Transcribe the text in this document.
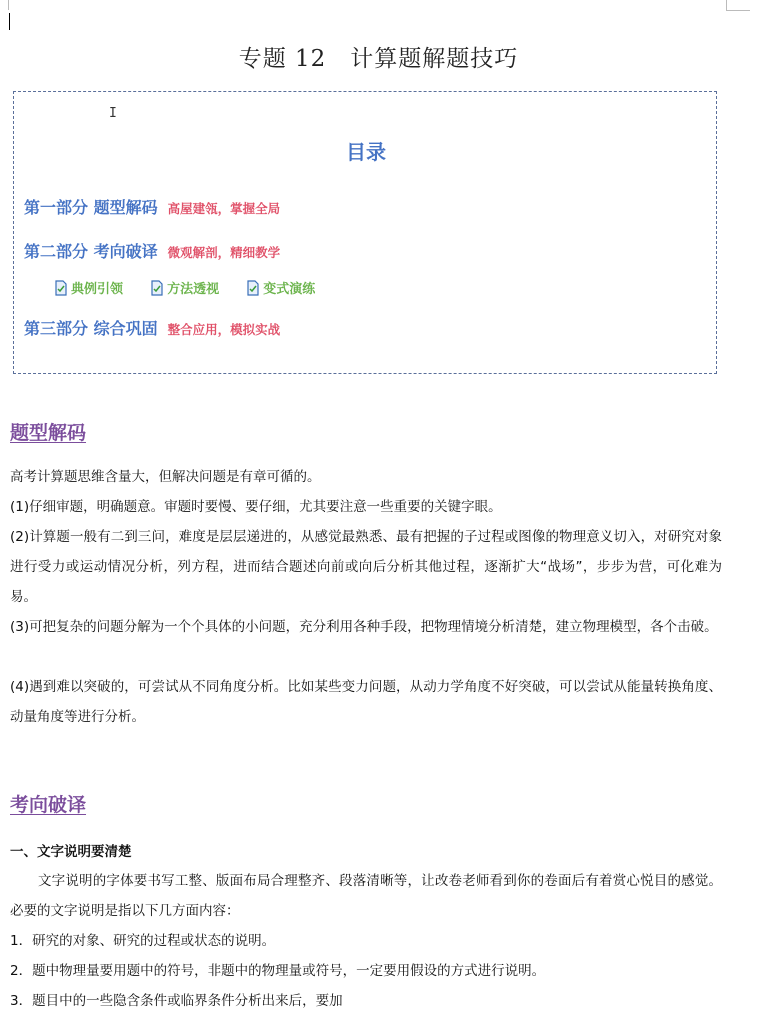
专题 12　计算题解题技巧
I
目录
第一部分 题型解码 高屋建瓴，掌握全局
第二部分 考向破译 微观解剖，精细教学
典例引领
	方法透视
	变式演练
第三部分 综合巩固 整合应用，模拟实战
题型解码

高考计算题思维含量大，但解决问题是有章可循的。

(1)仔细审题，明确题意。审题时要慢、要仔细，尤其要注意一些重要的关键字眼。

(2)计算题一般有二到三问，难度是层层递进的，从感觉最熟悉、最有把握的子过程或图像的物理意义切入，对研究对象进行受力或运动情况分析，列方程，进而结合题述向前或向后分析其他过程，逐渐扩大“战场”，步步为营，可化难为易。

(3)可把复杂的问题分解为一个个具体的小问题，充分利用各种手段，把物理情境分析清楚，建立物理模型，各个击破。

(4)遇到难以突破的，可尝试从不同角度分析。比如某些变力问题，从动力学角度不好突破，可以尝试从能量转换角度、动量角度等进行分析。

考向破译
一、文字说明要清楚

文字说明的字体要书写工整、版面布局合理整齐、段落清晰等，让改卷老师看到你的卷面后有着赏心悦目的感觉。必要的文字说明是指以下几方面内容：

1．研究的对象、研究的过程或状态的说明。

2．题中物理量要用题中的符号，非题中的物理量或符号，一定要用假设的方式进行说明。

3．题目中的一些隐含条件或临界条件分析出来后，要加
